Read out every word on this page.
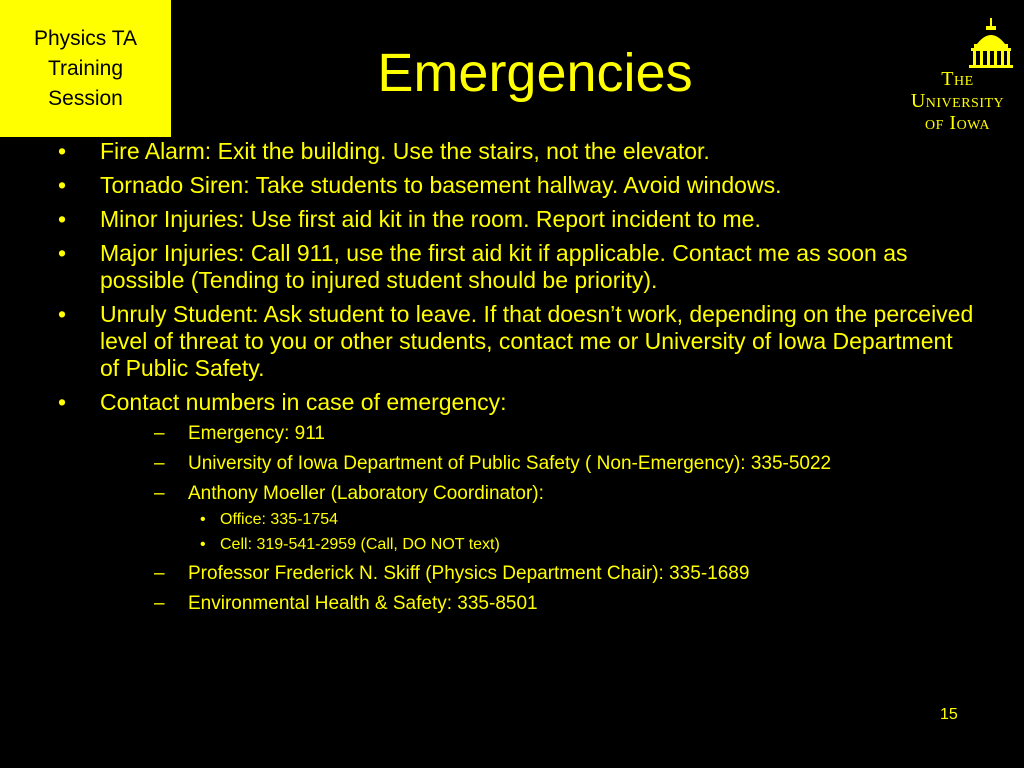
Physics TA
Training
Session	Emergencies	The
University
of Iowa
• Fire Alarm: Exit the building. Use the stairs, not the elevator.
• Tornado Siren: Take students to basement hallway. Avoid windows.
• Minor Injuries: Use first aid kit in the room. Report incident to me.
• Major Injuries: Call 911, use the first aid kit if applicable. Contact me as soon as possible (Tending to injured student should be priority).
• Unruly Student: Ask student to leave. If that doesn’t work, depending on the perceived level of threat to you or other students, contact me or University of Iowa Department of Public Safety.
• Contact numbers in case of emergency:
– Emergency: 911
– University of Iowa Department of Public Safety ( Non-Emergency): 335-5022
– Anthony Moeller (Laboratory Coordinator):
• Office: 335-1754
• Cell: 319-541-2959 (Call, DO NOT text)
– Professor Frederick N. Skiff (Physics Department Chair): 335-1689
– Environmental Health & Safety: 335-8501
15
